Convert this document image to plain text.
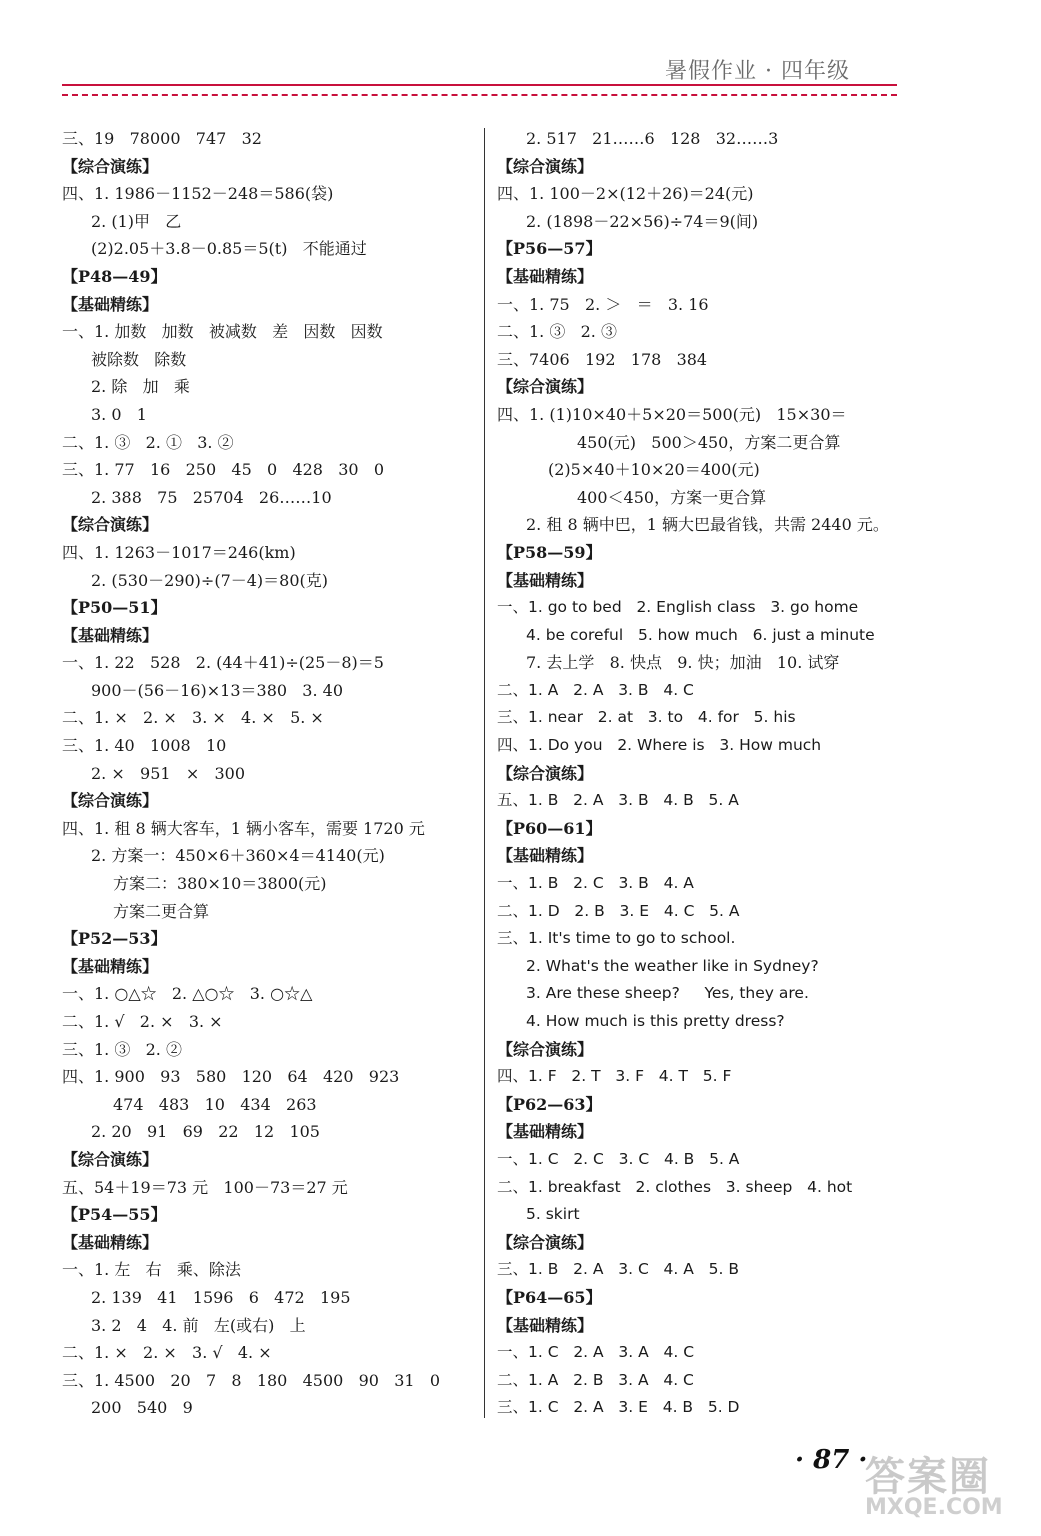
暑假作业 · 四年级
三、19   78000   747   32
【综合演练】
四、1. 1986－1152－248＝586(袋)
2. (1)甲   乙
(2)2.05＋3.8－0.85＝5(t)   不能通过
【P48—49】
【基础精练】
一、1. 加数   加数   被减数   差   因数   因数
被除数   除数
2. 除   加   乘
3. 0   1
二、1. ③   2. ①   3. ②
三、1. 77   16   250   45   0   428   30   0
2. 388   75   25704   26……10
【综合演练】
四、1. 1263－1017＝246(km)
2. (530－290)÷(7－4)＝80(克)
【P50—51】
【基础精练】
一、1. 22   528   2. (44＋41)÷(25－8)＝5
900－(56－16)×13＝380   3. 40
二、1. ×   2. ×   3. ×   4. ×   5. ×
三、1. 40   1008   10
2. ×   951   ×   300
【综合演练】
四、1. 租 8 辆大客车，1 辆小客车，需要 1720 元
2. 方案一：450×6＋360×4＝4140(元)
方案二：380×10＝3800(元)
方案二更合算
【P52—53】
【基础精练】
一、1. ○△☆   2. △○☆   3. ○☆△
二、1. √   2. ×   3. ×
三、1. ③   2. ②
四、1. 900   93   580   120   64   420   923
474   483   10   434   263
2. 20   91   69   22   12   105
【综合演练】
五、54＋19＝73 元   100－73＝27 元
【P54—55】
【基础精练】
一、1. 左   右   乘、除法
2. 139   41   1596   6   472   195
3. 2   4   4. 前   左(或右)   上
二、1. ×   2. ×   3. √   4. ×
三、1. 4500   20   7   8   180   4500   90   31   0
200   540   9
2. 517   21……6   128   32……3
【综合演练】
四、1. 100－2×(12＋26)＝24(元)
2. (1898－22×56)÷74＝9(间)
【P56—57】
【基础精练】
一、1. 75   2. ＞   ＝   3. 16
二、1. ③   2. ③
三、7406   192   178   384
【综合演练】
四、1. (1)10×40＋5×20＝500(元)   15×30＝
450(元)   500＞450，方案二更合算
(2)5×40＋10×20＝400(元)
400＜450，方案一更合算
2. 租 8 辆中巴，1 辆大巴最省钱，共需 2440 元。
【P58—59】
【基础精练】
一、1. go to bed   2. English class   3. go home
4. be coreful   5. how much   6. just a minute
7. 去上学   8. 快点   9. 快；加油   10. 试穿
二、1. A   2. A   3. B   4. C
三、1. near   2. at   3. to   4. for   5. his
四、1. Do you   2. Where is   3. How much
【综合演练】
五、1. B   2. A   3. B   4. B   5. A
【P60—61】
【基础精练】
一、1. B   2. C   3. B   4. A
二、1. D   2. B   3. E   4. C   5. A
三、1. It's time to go to school.
2. What's the weather like in Sydney?
3. Are these sheep?     Yes, they are.
4. How much is this pretty dress?
【综合演练】
四、1. F   2. T   3. F   4. T   5. F
【P62—63】
【基础精练】
一、1. C   2. C   3. C   4. B   5. A
二、1. breakfast   2. clothes   3. sheep   4. hot
5. skirt
【综合演练】
三、1. B   2. A   3. C   4. A   5. B
【P64—65】
【基础精练】
一、1. C   2. A   3. A   4. C
二、1. A   2. B   3. A   4. C
三、1. C   2. A   3. E   4. B   5. D
· 87 ·
答案圈
MXQE.COM
